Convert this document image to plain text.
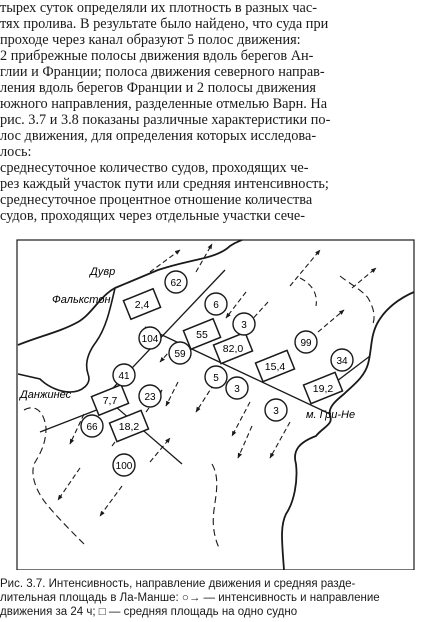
тырех суток определяли их плотность в разных час-
тях пролива. В результате было найдено, что суда при
проходе через канал образуют 5 полос движения:
2 прибрежные полосы движения вдоль берегов Ан-
глии и Франции; полоса движения северного направ-
ления вдоль берегов Франции и 2 полосы движения
южного направления, разделенные отмелью Варн. На
рис. 3.7 и 3.8 показаны различные характеристики по-
лос движения, для определения которых исследова-
лось:
среднесуточное количество судов, проходящих че-
рез каждый участок пути или средняя интенсивность;
среднесуточное процентное отношение количества
судов, проходящих через отдельные участки сече-
Дувр
Фалькстон
Данжинес
м. Гри-Не
2,4
55
82,0
15,4
7,7
19,2
18,2
62
6
104
3
99
41
59
5
34
23
3
66
3
100
Рис. 3.7. Интенсивность, направление движения и средняя разде-
лительная площадь в Ла-Манше: ○→ — интенсивность и направление
движения за 24 ч; □ — средняя площадь на одно судно
